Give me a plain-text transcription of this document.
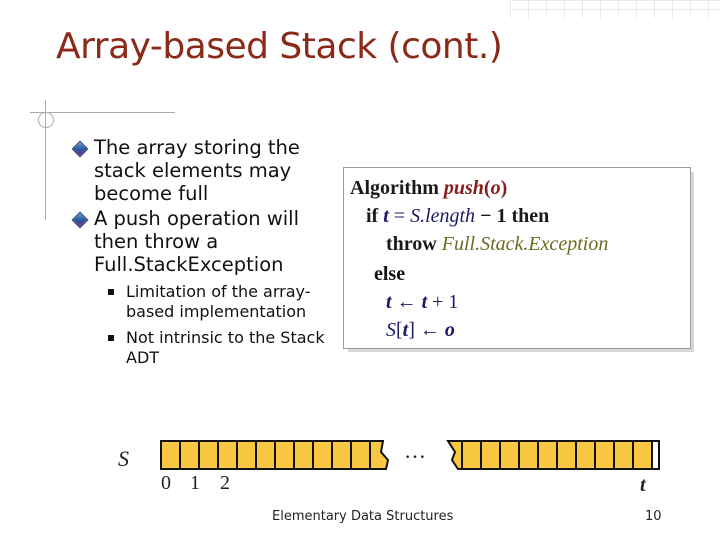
Array-based Stack (cont.)
The array storing the stack elements may become full
A push operation will then throw a Full.StackException
Limitation of the array-based implementation
Not intrinsic to the Stack ADT
Algorithm push(o)
if t = S.length − 1 then
throw Full.Stack.Exception
else
t ← t + 1
S[t] ← o
S	…
0 1 2	t
Elementary Data Structures	10
